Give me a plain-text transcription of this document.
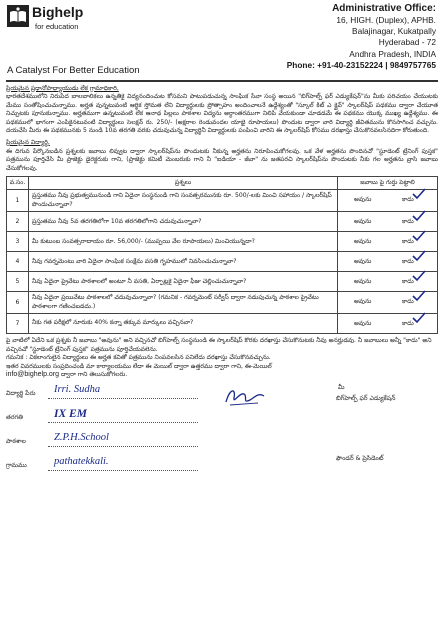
Bighelp
for education
A Catalyst For Better Education
Administrative Office:
16, HIGH. (Duplex), APHB.
Balajinagar, Kukatpally
Hyderabad - 72
Andhra Pradesh, INDIA
Phone: +91-40-23152224 | 9849757765

ప్రియమైన ప్రధానోపాధ్యాయుడు లేక గ్రామాధికారి,

భారతదేశములోని నిరుపేద బాలబాలికలు ఉన్నతికై విద్యనందించుట కోసమని పాటుపడుచున్న సాంఘిక సేవా సంస్థ అయిన "బిగ్‌హెల్ప్ ఫర్ ఎడ్యుకేషన్"ను మీకు పరిచయం చేయుటకు మేము సంతోషించుచున్నాము. అర్హత వున్నటువంటి ఆర్థిక స్తోమత లేని విద్యార్థులకు ప్రోత్సాహం అందించాలనే ఉద్దేశ్యంతో "స్కూల్ కిట్ ఎ క్లైవ్" స్కాలర్‌షిప్ పథకము ద్వారా చేయూత నిచ్చుటకు పూనుకున్నాము. అర్హతముగా ఉన్నటువంటి లేక ఆనాథ పిల్లలు పాఠశాల విద్యను అర్ధాంతరముగా నిలిపి వేయకుండా చూడడమే ఈ పథకము యొక్క ముఖ్య ఉద్దేశ్యము. ఈ పథకములో భాగంగా ఎంపికైనటువంటి విద్యార్థులు సెలక్షన్ రు. 250/- (అక్షరాల రెండువందల యాభై రూపాయలు) పొందుట ద్వారా వారి విద్యార్థి జీవితమును కొనసాగించ వచ్చును. దయచేసి మీరు ఈ పథకమునకు 5 నుండి 10వ తరగతి వరకు చదువుచున్న విద్యార్థినీ విద్యార్థులకు పంపించి వారిని ఈ స్కాలర్‌షిప్ కోసము దరఖాస్తు చేసుకొనవలసినదిగా కోరుతుంది.

ప్రియమైన విద్యార్థి,

ఈ దిగువ పేర్కొనబడిన ప్రశ్నలకు జవాబు లివ్వుట ద్వారా స్కాలర్‌షిప్‌ను పొందుటకు నీకున్న అర్హతను నిరూపించుకోగలవు. ఒక వేళ అర్హతను పొందినచో "స్టూడెంట్ ట్రేనింగ్ పుస్తక" పత్రమును పూర్తిచేసి మీ ప్రాజెక్టు డైరెక్టరుకు గాని, (ప్రాజెక్టు కమిటీ మెంబరుకు గాని నీ "ఐడియా - జీవా" ను జతపరచి స్కాలర్‌షిప్‌ను పొందుటకు నీకు గల అర్హతను వ్రాసి జవాబు చేసుకోగలవు.

వ.సం.	ప్రశ్నలు	జవాబు పై గుర్తు పెట్టాలి
1	ప్రస్తుతము నీవు ప్రభుత్వమునుండి గాని ఏదైనా సంస్థనుండి గాని సంవత్సరమునకు రూ. 500/-లకు మించి సహాయం / స్కాలర్‌షిప్ పొందుచున్నావా?	అవును కాదు

2	ప్రస్తుతము నీవు 5వ తరగతిలోగా 10వ తరగతిలోగాని చదువుచున్నావా?	అవును కాదు

3	మీ కుటుంబ సంవత్సరాదాయం రూ. 56,000/- (ముప్పయి వేల రూపాయలు) మించియున్నదా?	అవును కాదు

4	నీవు గవర్నమెంటు వారి ఏదైనా సాంఘిక సంక్షేమ వసతి గృహములో నివసించుచున్నావా?	అవును కాదు

5	నీవు ఏదైనా ప్రైవేటు పాఠశాలలో అంటూ నీ వసతి, ఏర్పాట్లకై ఏదైనా ఫీజు చెల్లించుచున్నావా?	అవును కాదు

6	నీవు ఏదైనా ప్రయివేటు పాఠశాలలో చదువుచున్నావా? (గమనిక - గవర్నమెంట్ సర్వీస్ ద్వారా నడుపుచున్న పాఠశాల ప్రైవేటు పాఠశాలగా గణించబడదు.)	అవును కాదు

7	నీకు గత పరీక్షలో నూరుకు 40% కన్నా తక్కువ మార్కులు వచ్చినవా?	అవును కాదు

పై వాటిలో ఏదేని ఒక ప్రశ్నకు నీ జవాబు "అవును" అని వచ్చినచో బిగ్‌హెల్ప్ సంస్థనుండి ఈ స్కాలర్‌షిప్ కొరకు దరఖాస్తు చేసుకొనుటకు నీవు అనర్హుడవు. నీ జవాబులు అన్నీ "కాదు" అని వచ్చినచో "స్టూడెంట్ ట్రేనింగ్ పుస్తక" పత్రమును పూర్తిచేయవలెను.

గమనిక : వికలాంగులైన విద్యార్థులు ఈ అర్హత కవితో పత్రమును నింపవలసిన పనిలేదు దరఖాస్తు చేసుకొనవచ్చును.

ఇతర వివరములకు సంప్రదించండి మా కార్యాలయము లేదా ఈ మెయిల్ ద్వారా ఉత్తరము ద్వారా గాని, ఈ-మెయిల్

info@bighelp.org ద్వారా గాని తెలుసుకోగలరు.

విద్యార్థి పేరు Irri. Sudha
తరగతి	IX EM
పాఠశాల	Z.P.H.School
గ్రామము	pathatekkali.
మీ
బిగ్‌హెల్ప్ ఫర్ ఎడ్యుకేషన్
ఫౌండర్ & ప్రెసిడెంట్
